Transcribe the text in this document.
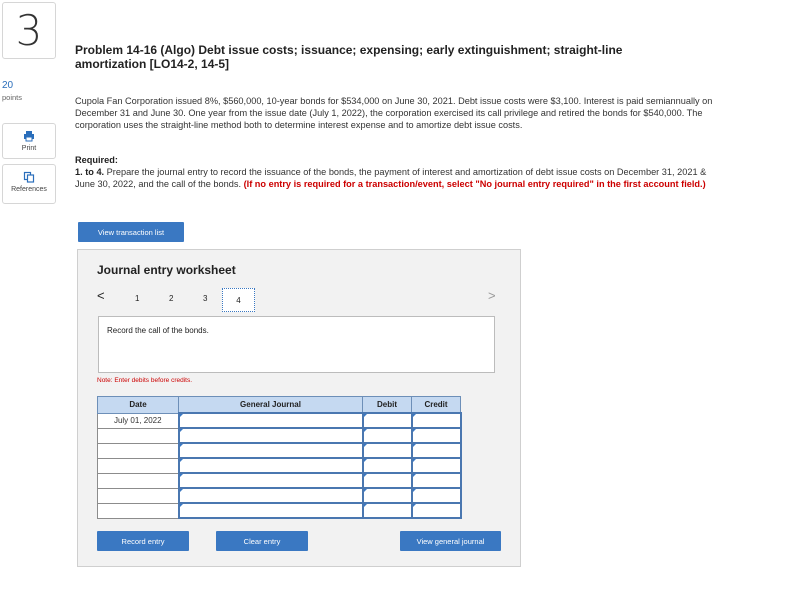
3
20
points
Print
References
Problem 14-16 (Algo) Debt issue costs; issuance; expensing; early extinguishment; straight-line amortization [LO14-2, 14-5]
Cupola Fan Corporation issued 8%, $560,000, 10-year bonds for $534,000 on June 30, 2021. Debt issue costs were $3,100. Interest is paid semiannually on December 31 and June 30. One year from the issue date (July 1, 2022), the corporation exercised its call privilege and retired the bonds for $540,000. The corporation uses the straight-line method both to determine interest expense and to amortize debt issue costs.
Required:
1. to 4. Prepare the journal entry to record the issuance of the bonds, the payment of interest and amortization of debt issue costs on December 31, 2021 & June 30, 2022, and the call of the bonds. (If no entry is required for a transaction/event, select "No journal entry required" in the first account field.)
View transaction list
Journal entry worksheet
<	1	2	3	4	>
Record the call of the bonds.
Note: Enter debits before credits.
Date	General Journal	Debit	Credit
July 01, 2022			

Record entry	Clear entry	View general journal
